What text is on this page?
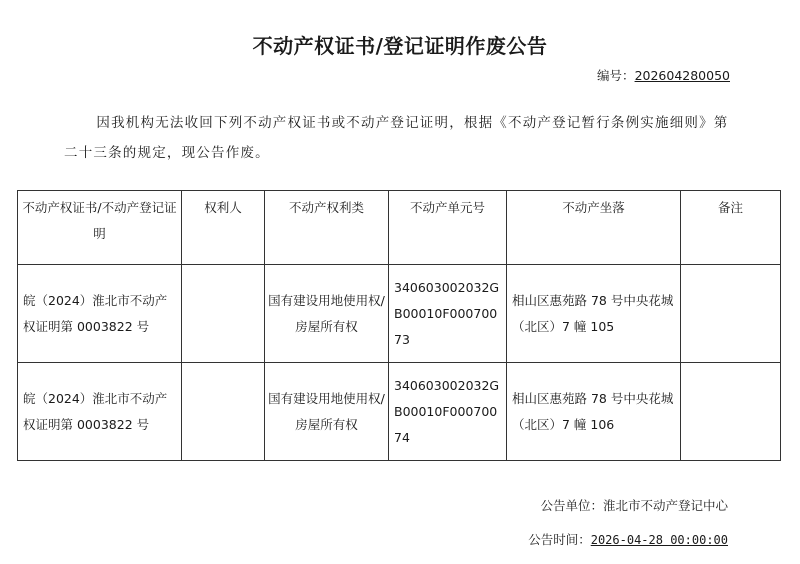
不动产权证书/登记证明作废公告
编号：202604280050

因我机构无法收回下列不动产权证书或不动产登记证明，根据《不动产登记暂行条例实施细则》第二十三条的规定，现公告作废。

不动产权证书/不动产登记证明	权利人	不动产权利类	不动产单元号	不动产坐落	备注
皖（2024）淮北市不动产权证明第 0003822 号		国有建设用地使用权/房屋所有权	340603002032GB00010F00070073	相山区惠苑路 78 号中央花城（北区）7 幢 105	
皖（2024）淮北市不动产权证明第 0003822 号		国有建设用地使用权/房屋所有权	340603002032GB00010F00070074	相山区惠苑路 78 号中央花城（北区）7 幢 106	
公告单位：淮北市不动产登记中心
公告时间：2026-04-28 00:00:00
